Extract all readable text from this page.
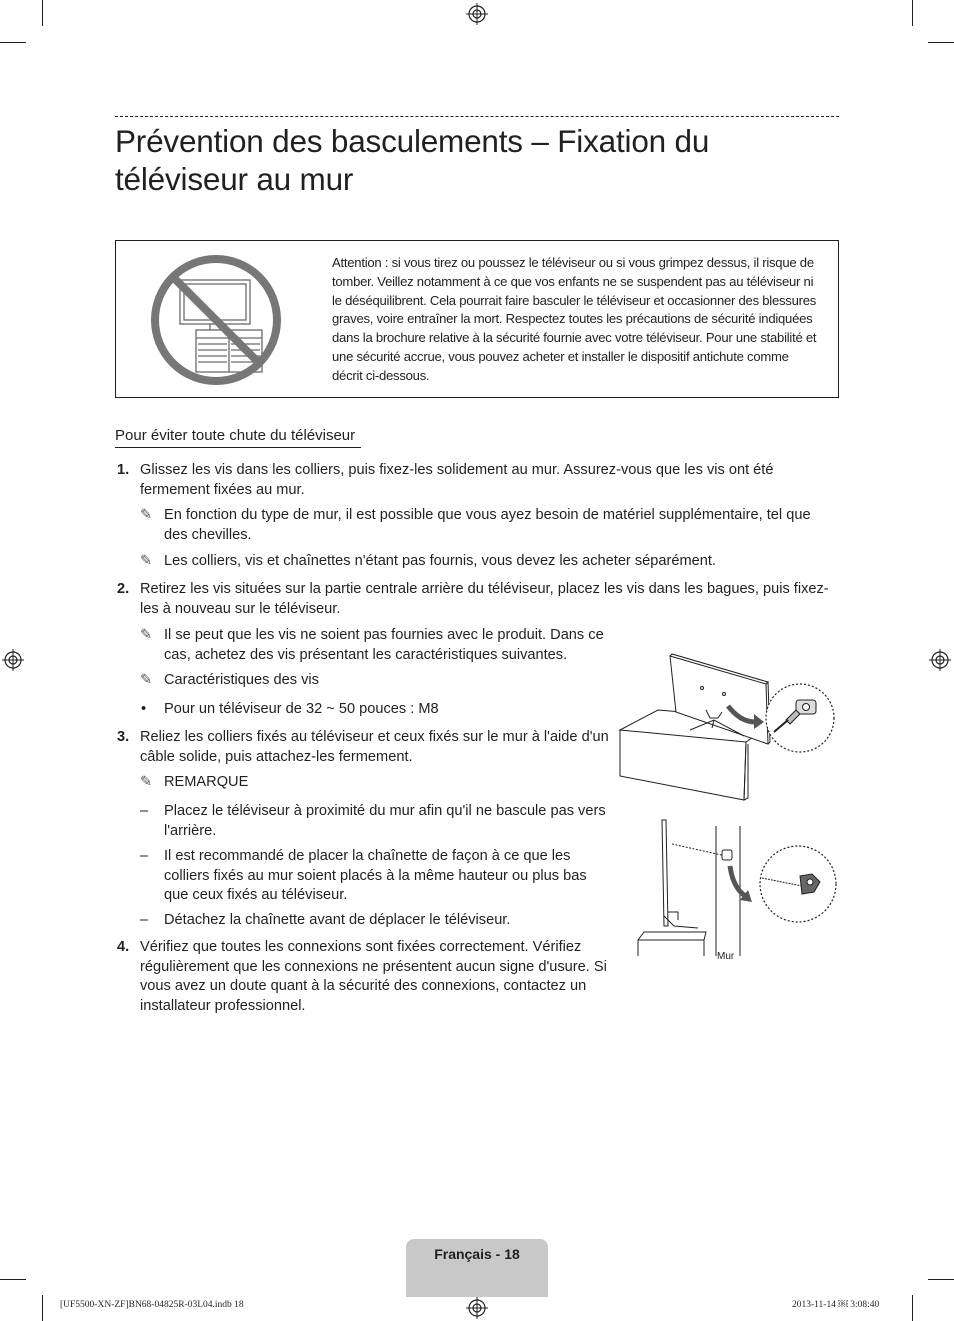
Prévention des basculements – Fixation du téléviseur au mur
Attention : si vous tirez ou poussez le téléviseur ou si vous grimpez dessus, il risque de tomber. Veillez notamment à ce que vos enfants ne se suspendent pas au téléviseur ni le déséquilibrent. Cela pourrait faire basculer le téléviseur et occasionner des blessures graves, voire entraîner la mort. Respectez toutes les précautions de sécurité indiquées dans la brochure relative à la sécurité fournie avec votre téléviseur. Pour une stabilité et une sécurité accrue, vous pouvez acheter et installer le dispositif antichute comme décrit ci-dessous.
Pour éviter toute chute du téléviseur
1. Glissez les vis dans les colliers, puis fixez-les solidement au mur. Assurez-vous que les vis ont été fermement fixées au mur.
✎ En fonction du type de mur, il est possible que vous ayez besoin de matériel supplémentaire, tel que des chevilles.
✎ Les colliers, vis et chaînettes n'étant pas fournis, vous devez les acheter séparément.
2. Retirez les vis situées sur la partie centrale arrière du téléviseur, placez les vis dans les bagues, puis fixez-les à nouveau sur le téléviseur.
✎ Il se peut que les vis ne soient pas fournies avec le produit. Dans ce cas, achetez des vis présentant les caractéristiques suivantes.
✎ Caractéristiques des vis
• Pour un téléviseur de 32 ~ 50 pouces : M8
3. Reliez les colliers fixés au téléviseur et ceux fixés sur le mur à l'aide d'un câble solide, puis attachez-les fermement.
✎ REMARQUE
– Placez le téléviseur à proximité du mur afin qu'il ne bascule pas vers l'arrière.
– Il est recommandé de placer la chaînette de façon à ce que les colliers fixés au mur soient placés à la même hauteur ou plus bas que ceux fixés au téléviseur.
– Détachez la chaînette avant de déplacer le téléviseur.
4. Vérifiez que toutes les connexions sont fixées correctement. Vérifiez régulièrement que les connexions ne présentent aucun signe d'usure. Si vous avez un doute quant à la sécurité des connexions, contactez un installateur professionnel.
Mur
Français - 18
[UF5500-XN-ZF]BN68-04825R-03L04.indb 18	2013-11-14 ￼ 3:08:40
